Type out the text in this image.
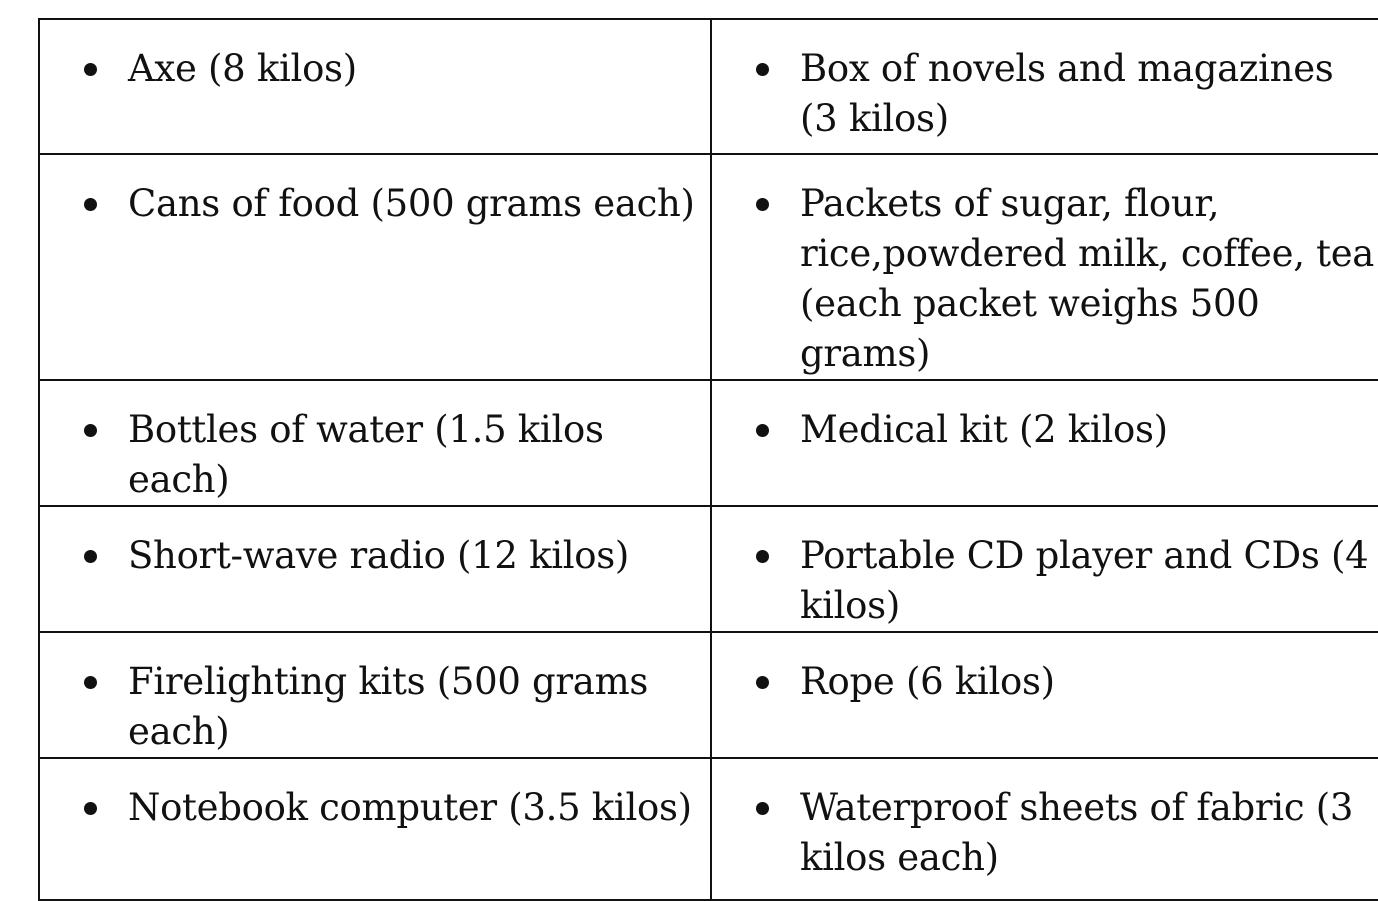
Axe (8 kilos)	Box of novels and magazines (3 kilos)

Cans of food (500 grams each)	Packets of sugar, flour, rice,powdered milk, coffee, tea (each packet weighs 500 grams)

Bottles of water (1.5 kilos each)	Medical kit (2 kilos)

Short-wave radio (12 kilos)	Portable CD player and CDs (4 kilos)

Firelighting kits (500 grams each)	Rope (6 kilos)

Notebook computer (3.5 kilos)	Waterproof sheets of fabric (3 kilos each)
